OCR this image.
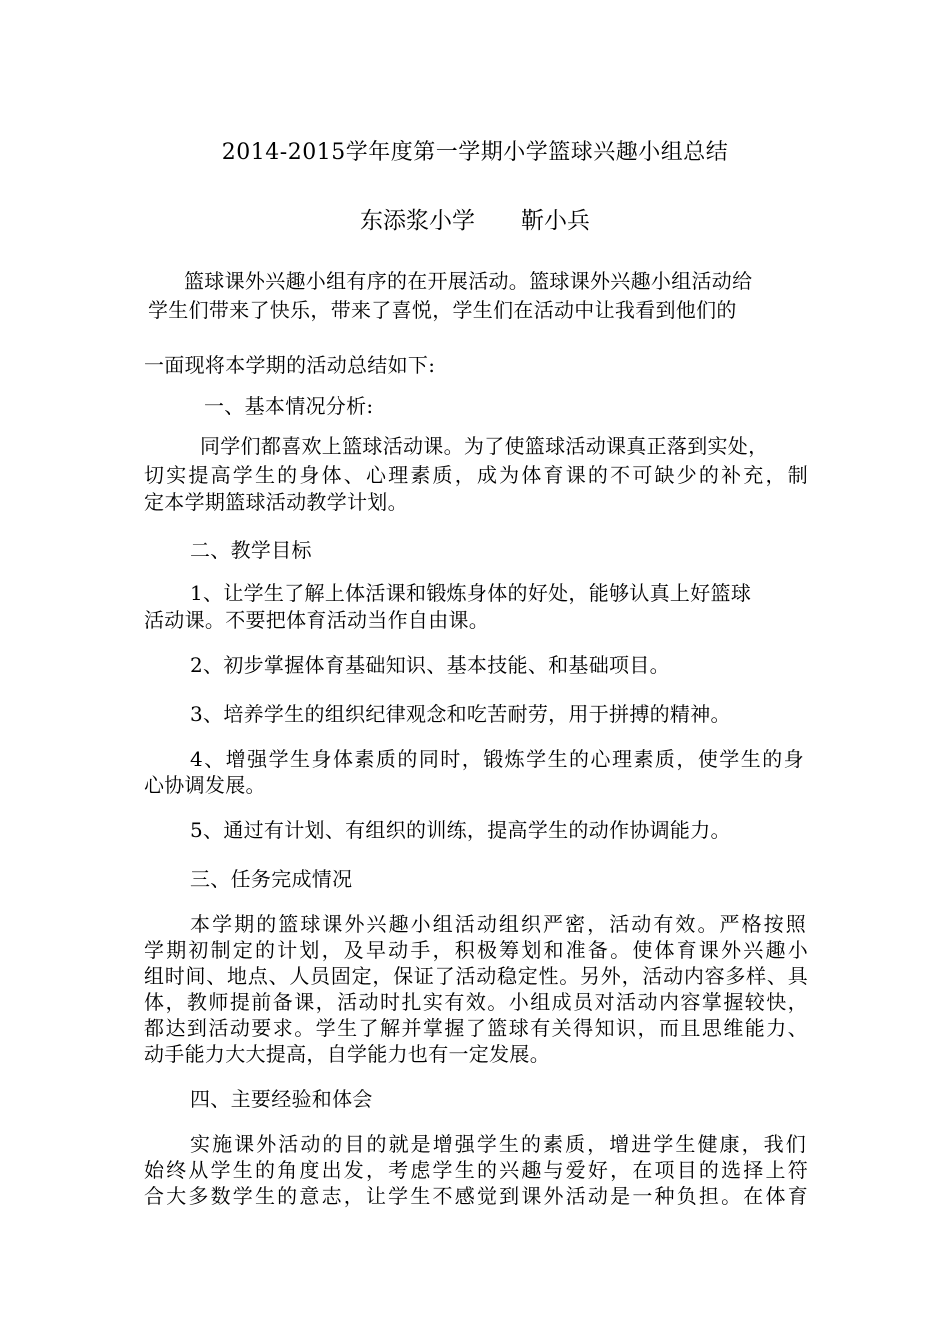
2014-2015学年度第一学期小学篮球兴趣小组总结
东添浆小学 靳小兵
篮球课外兴趣小组有序的在开展活动。篮球课外兴趣小组活动给
学生们带来了快乐，带来了喜悦，学生们在活动中让我看到他们的
一面现将本学期的活动总结如下:
一、基本情况分析:
同学们都喜欢上篮球活动课。为了使篮球活动课真正落到实处，
切实提高学生的身体、心理素质，成为体育课的不可缺少的补充，制
定本学期篮球活动教学计划。
二、教学目标
1、让学生了解上体活课和锻炼身体的好处，能够认真上好篮球
活动课。不要把体育活动当作自由课。
2、初步掌握体育基础知识、基本技能、和基础项目。
3、培养学生的组织纪律观念和吃苦耐劳，用于拼搏的精神。
4、增强学生身体素质的同时，锻炼学生的心理素质，使学生的身
心协调发展。
5、通过有计划、有组织的训练，提高学生的动作协调能力。
三、任务完成情况
本学期的篮球课外兴趣小组活动组织严密，活动有效。严格按照
学期初制定的计划，及早动手，积极筹划和准备。使体育课外兴趣小
组时间、地点、人员固定，保证了活动稳定性。另外，活动内容多样、具
体，教师提前备课，活动时扎实有效。小组成员对活动内容掌握较快，
都达到活动要求。学生了解并掌握了篮球有关得知识，而且思维能力、
动手能力大大提高，自学能力也有一定发展。
四、主要经验和体会
实施课外活动的目的就是增强学生的素质，增进学生健康，我们
始终从学生的角度出发，考虑学生的兴趣与爱好，在项目的选择上符
合大多数学生的意志，让学生不感觉到课外活动是一种负担。在体育
